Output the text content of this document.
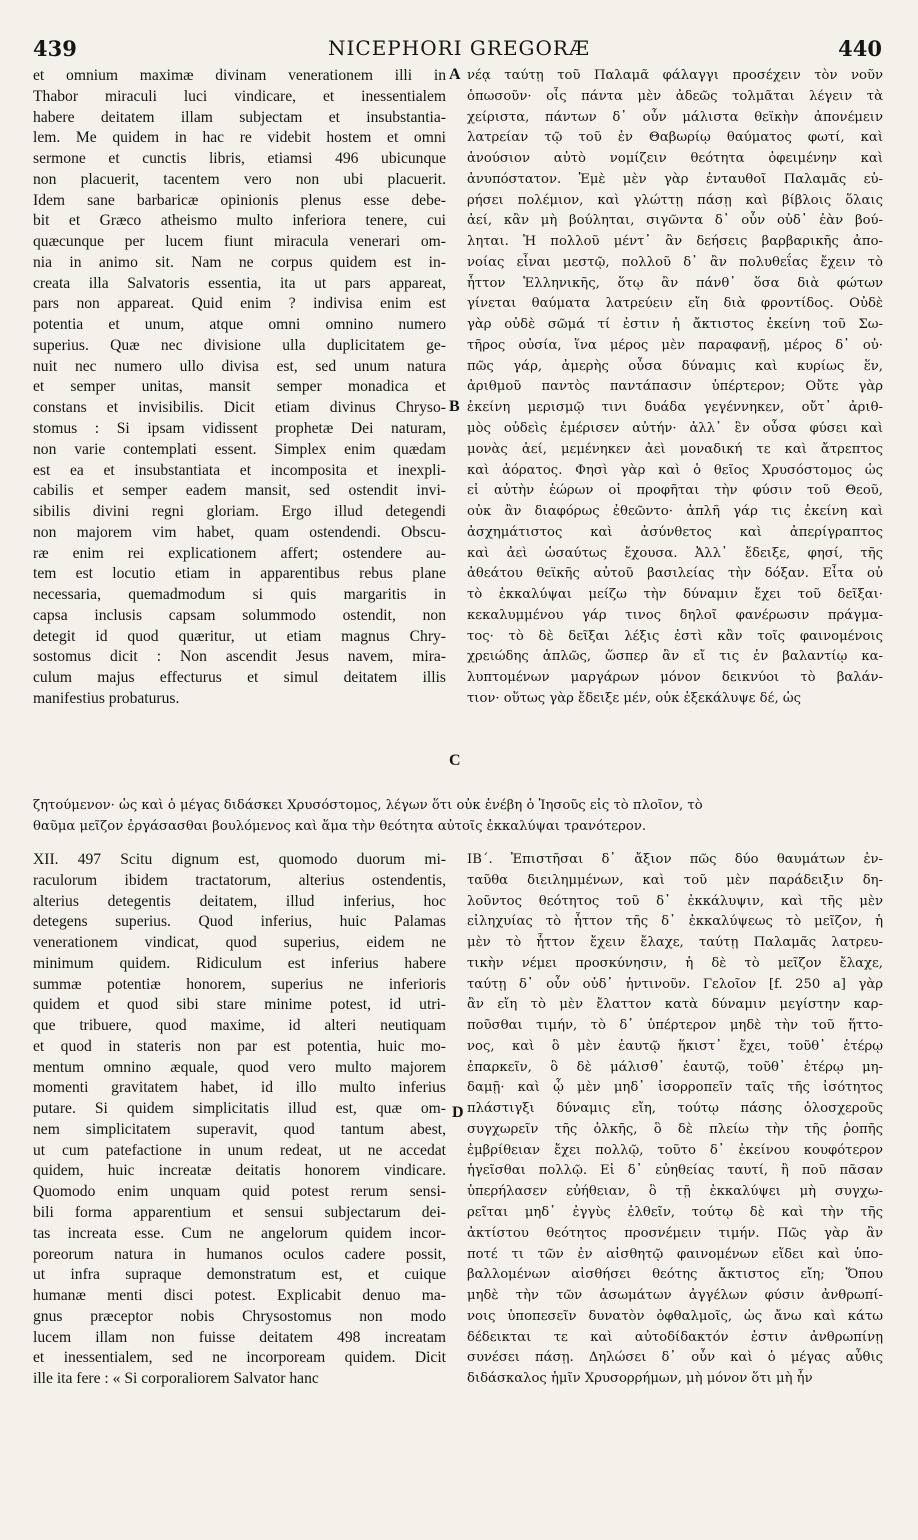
439	NICEPHORI GREGORÆ	440
A
B
C
D
et omnium maximæ divinam venerationem illi in
Thabor miraculi luci vindicare, et inessentialem
habere deitatem illam subjectam et insubstantia-
lem. Me quidem in hac re videbit hostem et omni
sermone et cunctis libris, etiamsi 496 ubicunque
non placuerit, tacentem vero non ubi placuerit.
Idem sane barbaricæ opinionis plenus esse debe-
bit et Græco atheismo multo inferiora tenere, cui
quæcunque per lucem fiunt miracula venerari om-
nia in animo sit. Nam ne corpus quidem est in-
creata illa Salvatoris essentia, ita ut pars appareat,
pars non appareat. Quid enim ? indivisa enim est
potentia et unum, atque omni omnino numero
superius. Quæ nec divisione ulla duplicitatem ge-
nuit nec numero ullo divisa est, sed unum natura
et semper unitas, mansit semper monadica et
constans et invisibilis. Dicit etiam divinus Chryso-
stomus : Si ipsam vidissent prophetæ Dei naturam,
non varie contemplati essent. Simplex enim quædam
est ea et insubstantiata et incomposita et inexpli-
cabilis et semper eadem mansit, sed ostendit invi-
sibilis divini regni gloriam. Ergo illud detegendi
non majorem vim habet, quam ostendendi. Obscu-
ræ enim rei explicationem affert; ostendere au-
tem est locutio etiam in apparentibus rebus plane
necessaria, quemadmodum si quis margaritis in
capsa inclusis capsam solummodo ostendit, non
detegit id quod quæritur, ut etiam magnus Chry-
sostomus dicit : Non ascendit Jesus navem, mira-
culum majus effecturus et simul deitatem illis
manifestius probaturus.
νέᾳ ταύτῃ τοῦ Παλαμᾶ φάλαγγι προσέχειν τὸν νοῦν
ὁπωσοῦν· οἷς πάντα μὲν ἀδεῶς τολμᾶται λέγειν τὰ
χείριστα, πάντων δ᾽ οὖν μάλιστα θεϊκὴν ἀπονέμειν
λατρείαν τῷ τοῦ ἐν Θαβωρίῳ θαύματος φωτί, καὶ
ἀνούσιον αὐτὸ νομίζειν θεότητα ὀφειμένην καὶ
ἀνυπόστατον. Ἐμὲ μὲν γὰρ ἐνταυθοῖ Παλαμᾶς εὑ-
ρήσει πολέμιον, καὶ γλώττῃ πάσῃ καὶ βίβλοις ὅλαις
ἀεί, κἂν μὴ βούληται, σιγῶντα δ᾽ οὖν οὐδ᾽ ἐὰν βού-
ληται. Ἡ πολλοῦ μέντ᾽ ἂν δεήσεις βαρβαρικῆς ἀπο-
νοίας εἶναι μεστῷ, πολλοῦ δ᾽ ἂν πολυθεΐας ἔχειν τὸ
ἧττον Ἑλληνικῆς, ὅτῳ ἂν πάνθ᾽ ὅσα διὰ φώτων
γίνεται θαύματα λατρεύειν εἴη διὰ φροντίδος. Οὐδὲ
γὰρ οὐδὲ σῶμά τί ἐστιν ἡ ἄκτιστος ἐκείνη τοῦ Σω-
τῆρος οὐσία, ἵνα μέρος μὲν παραφανῇ, μέρος δ᾽ οὐ·
πῶς γάρ, ἀμερὴς οὖσα δύναμις καὶ κυρίως ἕν,
ἀριθμοῦ παντὸς παντάπασιν ὑπέρτερον; Οὔτε γὰρ
ἐκείνη μερισμῷ τινι δυάδα γεγέννηκεν, οὔτ᾽ ἀριθ-
μὸς οὐδεὶς ἐμέρισεν αὐτήν· ἀλλ᾽ ἓν οὖσα φύσει καὶ
μονὰς ἀεί, μεμένηκεν ἀεὶ μοναδική τε καὶ ἄτρεπτος
καὶ ἀόρατος. Φησὶ γὰρ καὶ ὁ θεῖος Χρυσόστομος ὡς
εἰ αὐτὴν ἑώρων οἱ προφῆται τὴν φύσιν τοῦ Θεοῦ,
οὐκ ἂν διαφόρως ἐθεῶντο· ἁπλῆ γάρ τις ἐκείνη καὶ
ἀσχημάτιστος καὶ ἀσύνθετος καὶ ἀπερίγραπτος
καὶ ἀεὶ ὡσαύτως ἔχουσα. Ἀλλ᾽ ἔδειξε, φησί, τῆς
ἀθεάτου θεϊκῆς αὐτοῦ βασιλείας τὴν δόξαν. Εἶτα οὐ
τὸ ἐκκαλύψαι μείζω τὴν δύναμιν ἔχει τοῦ δεῖξαι·
κεκαλυμμένου γάρ τινος δηλοῖ φανέρωσιν πράγμα-
τος· τὸ δὲ δεῖξαι λέξις ἐστὶ κἂν τοῖς φαινομένοις
χρειώδης ἁπλῶς, ὥσπερ ἂν εἴ τις ἐν βαλαντίῳ κα-
λυπτομένων μαργάρων μόνον δεικνύοι τὸ βαλάν-
τιον· οὕτως γὰρ ἔδειξε μέν, οὐκ ἐξεκάλυψε δέ, ὡς
ζητούμενον· ὡς καὶ ὁ μέγας διδάσκει Χρυσόστομος, λέγων ὅτι οὐκ ἐνέβη ὁ Ἰησοῦς εἰς τὸ πλοῖον, τὸ
θαῦμα μεῖζον ἐργάσασθαι βουλόμενος καὶ ἅμα τὴν θεότητα αὐτοῖς ἐκκαλύψαι τρανότερον.
XII. 497 Scitu dignum est, quomodo duorum mi-
raculorum ibidem tractatorum, alterius ostendentis,
alterius detegentis deitatem, illud inferius, hoc
detegens superius. Quod inferius, huic Palamas
venerationem vindicat, quod superius, eidem ne
minimum quidem. Ridiculum est inferius habere
summæ potentiæ honorem, superius ne inferioris
quidem et quod sibi stare minime potest, id utri-
que tribuere, quod maxime, id alteri neutiquam
et quod in stateris non par est potentia, huic mo-
mentum omnino æquale, quod vero multo majorem
momenti gravitatem habet, id illo multo inferius
putare. Si quidem simplicitatis illud est, quæ om-
nem simplicitatem superavit, quod tantum abest,
ut cum patefactione in unum redeat, ut ne accedat
quidem, huic increatæ deitatis honorem vindicare.
Quomodo enim unquam quid potest rerum sensi-
bili forma apparentium et sensui subjectarum dei-
tas increata esse. Cum ne angelorum quidem incor-
poreorum natura in humanos oculos cadere possit,
ut infra supraque demonstratum est, et cuique
humanæ menti disci potest. Explicabit denuo ma-
gnus præceptor nobis Chrysostomus non modo
lucem illam non fuisse deitatem 498 increatam
et inessentialem, sed ne incorpoream quidem. Dicit
ille ita fere : « Si corporaliorem Salvator hanc
ΙΒ΄. Ἐπιστῆσαι δ᾽ ἄξιον πῶς δύο θαυμάτων ἐν-
ταῦθα διειλημμένων, καὶ τοῦ μὲν παράδειξιν δη-
λοῦντος θεότητος τοῦ δ᾽ ἐκκάλυψιν, καὶ τῆς μὲν
εἰληχυίας τὸ ἧττον τῆς δ᾽ ἐκκαλύψεως τὸ μεῖζον, ἡ
μὲν τὸ ἧττον ἔχειν ἔλαχε, ταύτῃ Παλαμᾶς λατρευ-
τικὴν νέμει προσκύνησιν, ἡ δὲ τὸ μεῖζον ἔλαχε,
ταύτῃ δ᾽ οὖν οὐδ᾽ ἡντινοῦν. Γελοῖον [f. 250 a] γὰρ
ἂν εἴη τὸ μὲν ἔλαττον κατὰ δύναμιν μεγίστην καρ-
ποῦσθαι τιμήν, τὸ δ᾽ ὑπέρτερον μηδὲ τὴν τοῦ ἥττο-
νος, καὶ ὃ μὲν ἑαυτῷ ἥκιστ᾽ ἔχει, τοῦθ᾽ ἑτέρῳ
ἐπαρκεῖν, ὃ δὲ μάλισθ᾽ ἑαυτῷ, τοῦθ᾽ ἑτέρῳ μη-
δαμῇ· καὶ ᾧ μὲν μηδ᾽ ἰσορροπεῖν ταῖς τῆς ἰσότητος
πλάστιγξι δύναμις εἴη, τούτῳ πάσης ὁλοσχεροῦς
συγχωρεῖν τῆς ὁλκῆς, ὃ δὲ πλείω τὴν τῆς ῥοπῆς
ἐμβρίθειαν ἔχει πολλῷ, τοῦτο δ᾽ ἐκείνου κουφότερον
ἡγεῖσθαι πολλῷ. Εἰ δ᾽ εὐηθείας ταυτί, ἢ ποῦ πᾶσαν
ὑπερήλασεν εὐήθειαν, ὃ τῇ ἐκκαλύψει μὴ συγχω-
ρεῖται μηδ᾽ ἐγγὺς ἐλθεῖν, τούτῳ δὲ καὶ τὴν τῆς
ἀκτίστου θεότητος προσνέμειν τιμήν. Πῶς γὰρ ἂν
ποτέ τι τῶν ἐν αἰσθητῷ φαινομένων εἴδει καὶ ὑπο-
βαλλομένων αἰσθήσει θεότης ἄκτιστος εἴη; Ὅπου
μηδὲ τὴν τῶν ἀσωμάτων ἀγγέλων φύσιν ἀνθρωπί-
νοις ὑποπεσεῖν δυνατὸν ὀφθαλμοῖς, ὡς ἄνω καὶ κάτω
δέδεικται τε καὶ αὐτοδίδακτόν ἐστιν ἀνθρωπίνῃ
συνέσει πάσῃ. Δηλώσει δ᾽ οὖν καὶ ὁ μέγας αὖθις
διδάσκαλος ἡμῖν Χρυσορρήμων, μὴ μόνον ὅτι μὴ ἦν
